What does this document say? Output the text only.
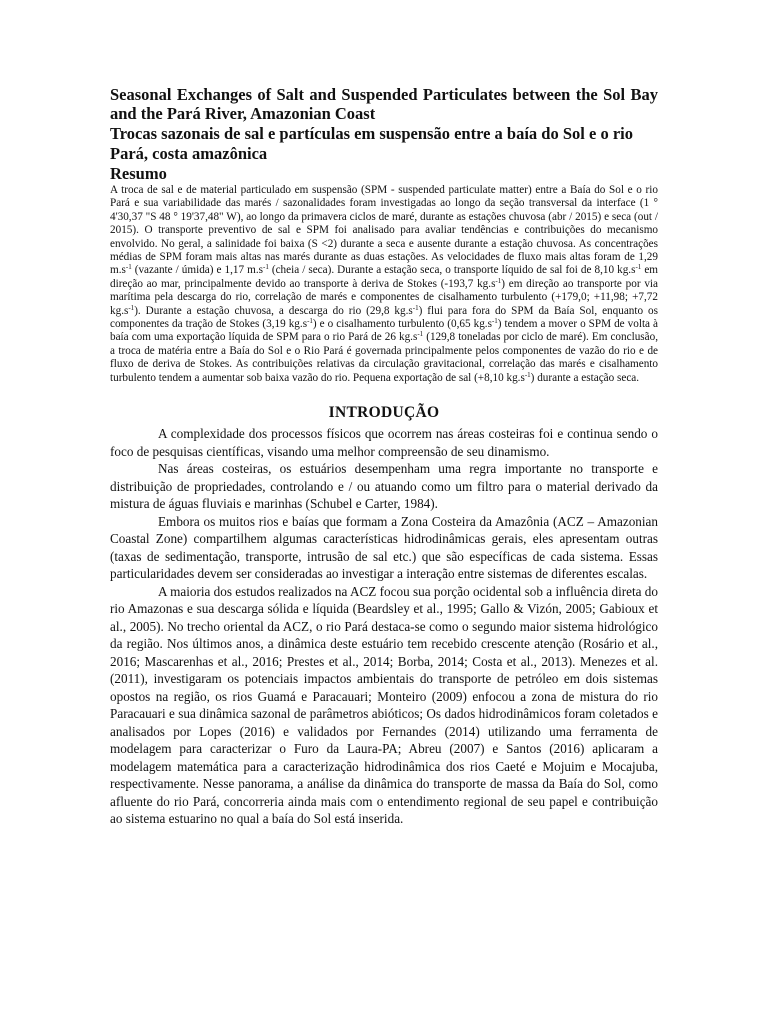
Seasonal Exchanges of Salt and Suspended Particulates between the Sol Bay and the Pará River, Amazonian Coast
Trocas sazonais de sal e partículas em suspensão entre a baía do Sol e o rio Pará, costa amazônica
Resumo

A troca de sal e de material particulado em suspensão (SPM - suspended particulate matter) entre a Baía do Sol e o rio Pará e sua variabilidade das marés / sazonalidades foram investigadas ao longo da seção transversal da interface (1 ° 4'30,37 "S 48 ° 19'37,48" W), ao longo da primavera ciclos de maré, durante as estações chuvosa (abr / 2015) e seca (out / 2015). O transporte preventivo de sal e SPM foi analisado para avaliar tendências e contribuições do mecanismo envolvido. No geral, a salinidade foi baixa (S <2) durante a seca e ausente durante a estação chuvosa. As concentrações médias de SPM foram mais altas nas marés durante as duas estações. As velocidades de fluxo mais altas foram de 1,29 $m.s^{-1}$ (vazante / úmida) e 1,17 $m.s^{-1}$ (cheia / seca). Durante a estação seca, o transporte líquido de sal foi de 8,10 $kg.s^{-1}$ em direção ao mar, principalmente devido ao transporte à deriva de Stokes (-193,7 $kg.s^{-1}$) em direção ao transporte por via marítima pela descarga do rio, correlação de marés e componentes de cisalhamento turbulento (+179,0; +11,98; +7,72 $kg.s^{-1}$). Durante a estação chuvosa, a descarga do rio (29,8 $kg.s^{-1}$) flui para fora do SPM da Baía Sol, enquanto os componentes da tração de Stokes (3,19 $kg.s^{-1}$) e o cisalhamento turbulento (0,65 $kg.s^{-1}$) tendem a mover o SPM de volta à baía com uma exportação líquida de SPM para o rio Pará de 26 $kg.s^{-1}$ (129,8 toneladas por ciclo de maré). Em conclusão, a troca de matéria entre a Baía do Sol e o Rio Pará é governada principalmente pelos componentes de vazão do rio e de fluxo de deriva de Stokes. As contribuições relativas da circulação gravitacional, correlação das marés e cisalhamento turbulento tendem a aumentar sob baixa vazão do rio. Pequena exportação de sal (+8,10 $kg.s^{-1}$) durante a estação seca.

INTRODUÇÃO

A complexidade dos processos físicos que ocorrem nas áreas costeiras foi e continua sendo o foco de pesquisas científicas, visando uma melhor compreensão de seu dinamismo.

Nas áreas costeiras, os estuários desempenham uma regra importante no transporte e distribuição de propriedades, controlando e / ou atuando como um filtro para o material derivado da mistura de águas fluviais e marinhas (Schubel e Carter, 1984).

Embora os muitos rios e baías que formam a Zona Costeira da Amazônia (ACZ – Amazonian Coastal Zone) compartilhem algumas características hidrodinâmicas gerais, eles apresentam outras (taxas de sedimentação, transporte, intrusão de sal etc.) que são específicas de cada sistema. Essas particularidades devem ser consideradas ao investigar a interação entre sistemas de diferentes escalas.

A maioria dos estudos realizados na ACZ focou sua porção ocidental sob a influência direta do rio Amazonas e sua descarga sólida e líquida (Beardsley et al., 1995; Gallo & Vizón, 2005; Gabioux et al., 2005). No trecho oriental da ACZ, o rio Pará destaca-se como o segundo maior sistema hidrológico da região. Nos últimos anos, a dinâmica deste estuário tem recebido crescente atenção (Rosário et al., 2016; Mascarenhas et al., 2016; Prestes et al., 2014; Borba, 2014; Costa et al., 2013). Menezes et al. (2011), investigaram os potenciais impactos ambientais do transporte de petróleo em dois sistemas opostos na região, os rios Guamá e Paracauari; Monteiro (2009) enfocou a zona de mistura do rio Paracauari e sua dinâmica sazonal de parâmetros abióticos; Os dados hidrodinâmicos foram coletados e analisados por Lopes (2016) e validados por Fernandes (2014) utilizando uma ferramenta de modelagem para caracterizar o Furo da Laura-PA; Abreu (2007) e Santos (2016) aplicaram a modelagem matemática para a caracterização hidrodinâmica dos rios Caeté e Mojuim e Mocajuba, respectivamente. Nesse panorama, a análise da dinâmica do transporte de massa da Baía do Sol, como afluente do rio Pará, concorreria ainda mais com o entendimento regional de seu papel e contribuição ao sistema estuarino no qual a baía do Sol está inserida.
